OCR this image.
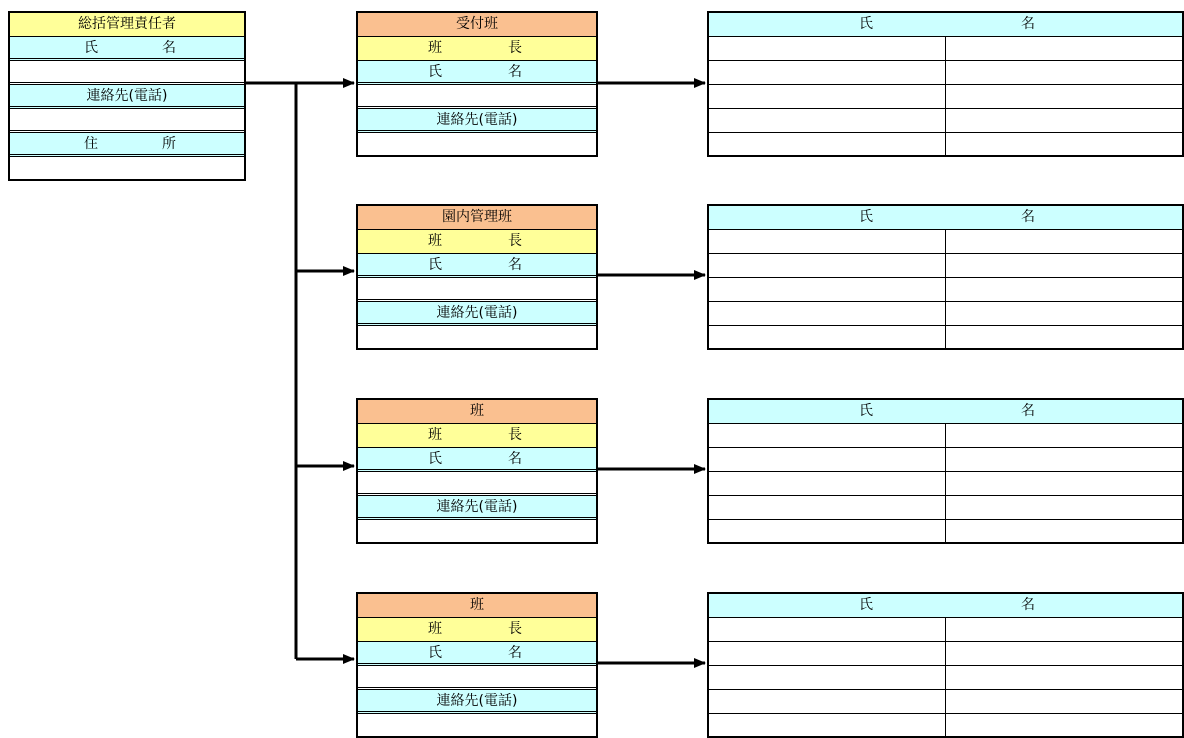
総括管理責任者
氏	名
連絡先(電話)
住	所
受付班
班	長
氏	名
連絡先(電話)
園内管理班
班	長
氏	名
連絡先(電話)
班
班	長
氏	名
連絡先(電話)
班
班	長
氏	名
連絡先(電話)
氏	名
氏	名
氏	名
氏	名
